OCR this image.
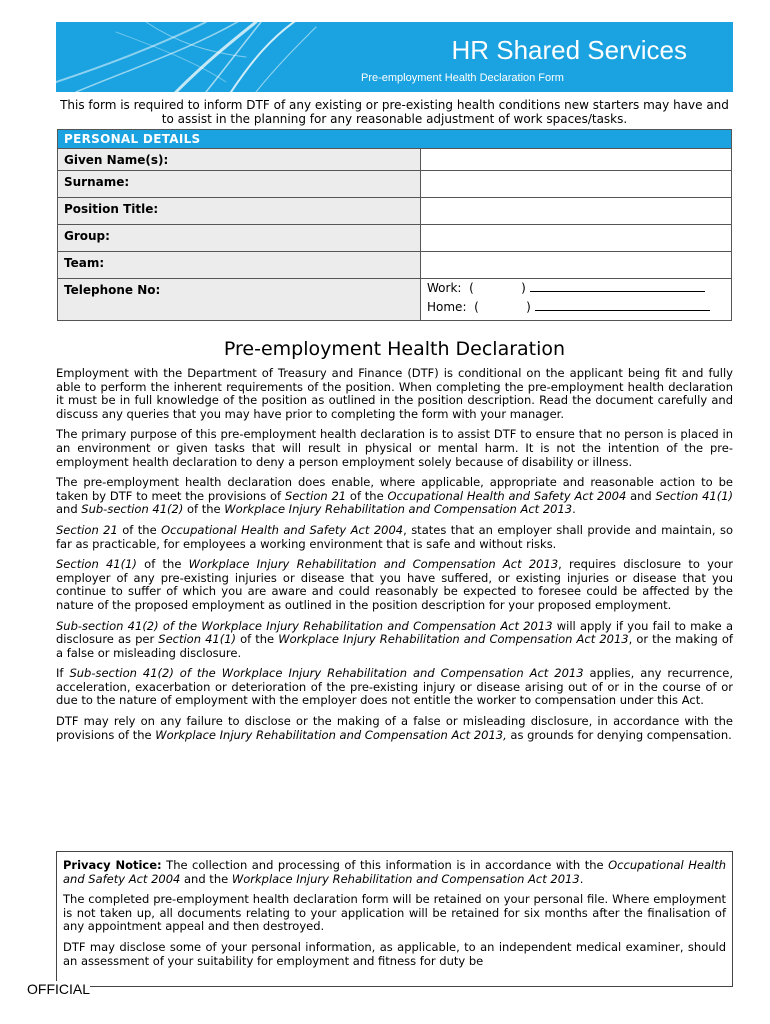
HR Shared Services
Pre-employment Health Declaration Form
This form is required to inform DTF of any existing or pre-existing health conditions new starters may have and to assist in the planning for any reasonable adjustment of work spaces/tasks.
PERSONAL DETAILS	
Given Name(s):	
Surname:	
Position Title:	
Group:	
Team:	
Telephone No:	Work: ( )
Home: ( )
Pre-employment Health Declaration

Employment with the Department of Treasury and Finance (DTF) is conditional on the applicant being fit and fully able to perform the inherent requirements of the position. When completing the pre-employment health declaration it must be in full knowledge of the position as outlined in the position description. Read the document carefully and discuss any queries that you may have prior to completing the form with your manager.

The primary purpose of this pre-employment health declaration is to assist DTF to ensure that no person is placed in an environment or given tasks that will result in physical or mental harm. It is not the intention of the pre-employment health declaration to deny a person employment solely because of disability or illness.

The pre-employment health declaration does enable, where applicable, appropriate and reasonable action to be taken by DTF to meet the provisions of Section 21 of the Occupational Health and Safety Act 2004 and Section 41(1) and Sub-section 41(2) of the Workplace Injury Rehabilitation and Compensation Act 2013.

Section 21 of the Occupational Health and Safety Act 2004, states that an employer shall provide and maintain, so far as practicable, for employees a working environment that is safe and without risks.

Section 41(1) of the Workplace Injury Rehabilitation and Compensation Act 2013, requires disclosure to your employer of any pre-existing injuries or disease that you have suffered, or existing injuries or disease that you continue to suffer of which you are aware and could reasonably be expected to foresee could be affected by the nature of the proposed employment as outlined in the position description for your proposed employment.

Sub-section 41(2) of the Workplace Injury Rehabilitation and Compensation Act 2013 will apply if you fail to make a disclosure as per Section 41(1) of the Workplace Injury Rehabilitation and Compensation Act 2013, or the making of a false or misleading disclosure.

If Sub-section 41(2) of the Workplace Injury Rehabilitation and Compensation Act 2013 applies, any recurrence, acceleration, exacerbation or deterioration of the pre-existing injury or disease arising out of or in the course of or due to the nature of employment with the employer does not entitle the worker to compensation under this Act.

DTF may rely on any failure to disclose or the making of a false or misleading disclosure, in accordance with the provisions of the Workplace Injury Rehabilitation and Compensation Act 2013, as grounds for denying compensation.

Privacy Notice: The collection and processing of this information is in accordance with the Occupational Health and Safety Act 2004 and the Workplace Injury Rehabilitation and Compensation Act 2013.

The completed pre-employment health declaration form will be retained on your personal file. Where employment is not taken up, all documents relating to your application will be retained for six months after the finalisation of any appointment appeal and then destroyed.

DTF may disclose some of your personal information, as applicable, to an independent medical examiner, should an assessment of your suitability for employment and fitness for duty be

OFFICIAL
